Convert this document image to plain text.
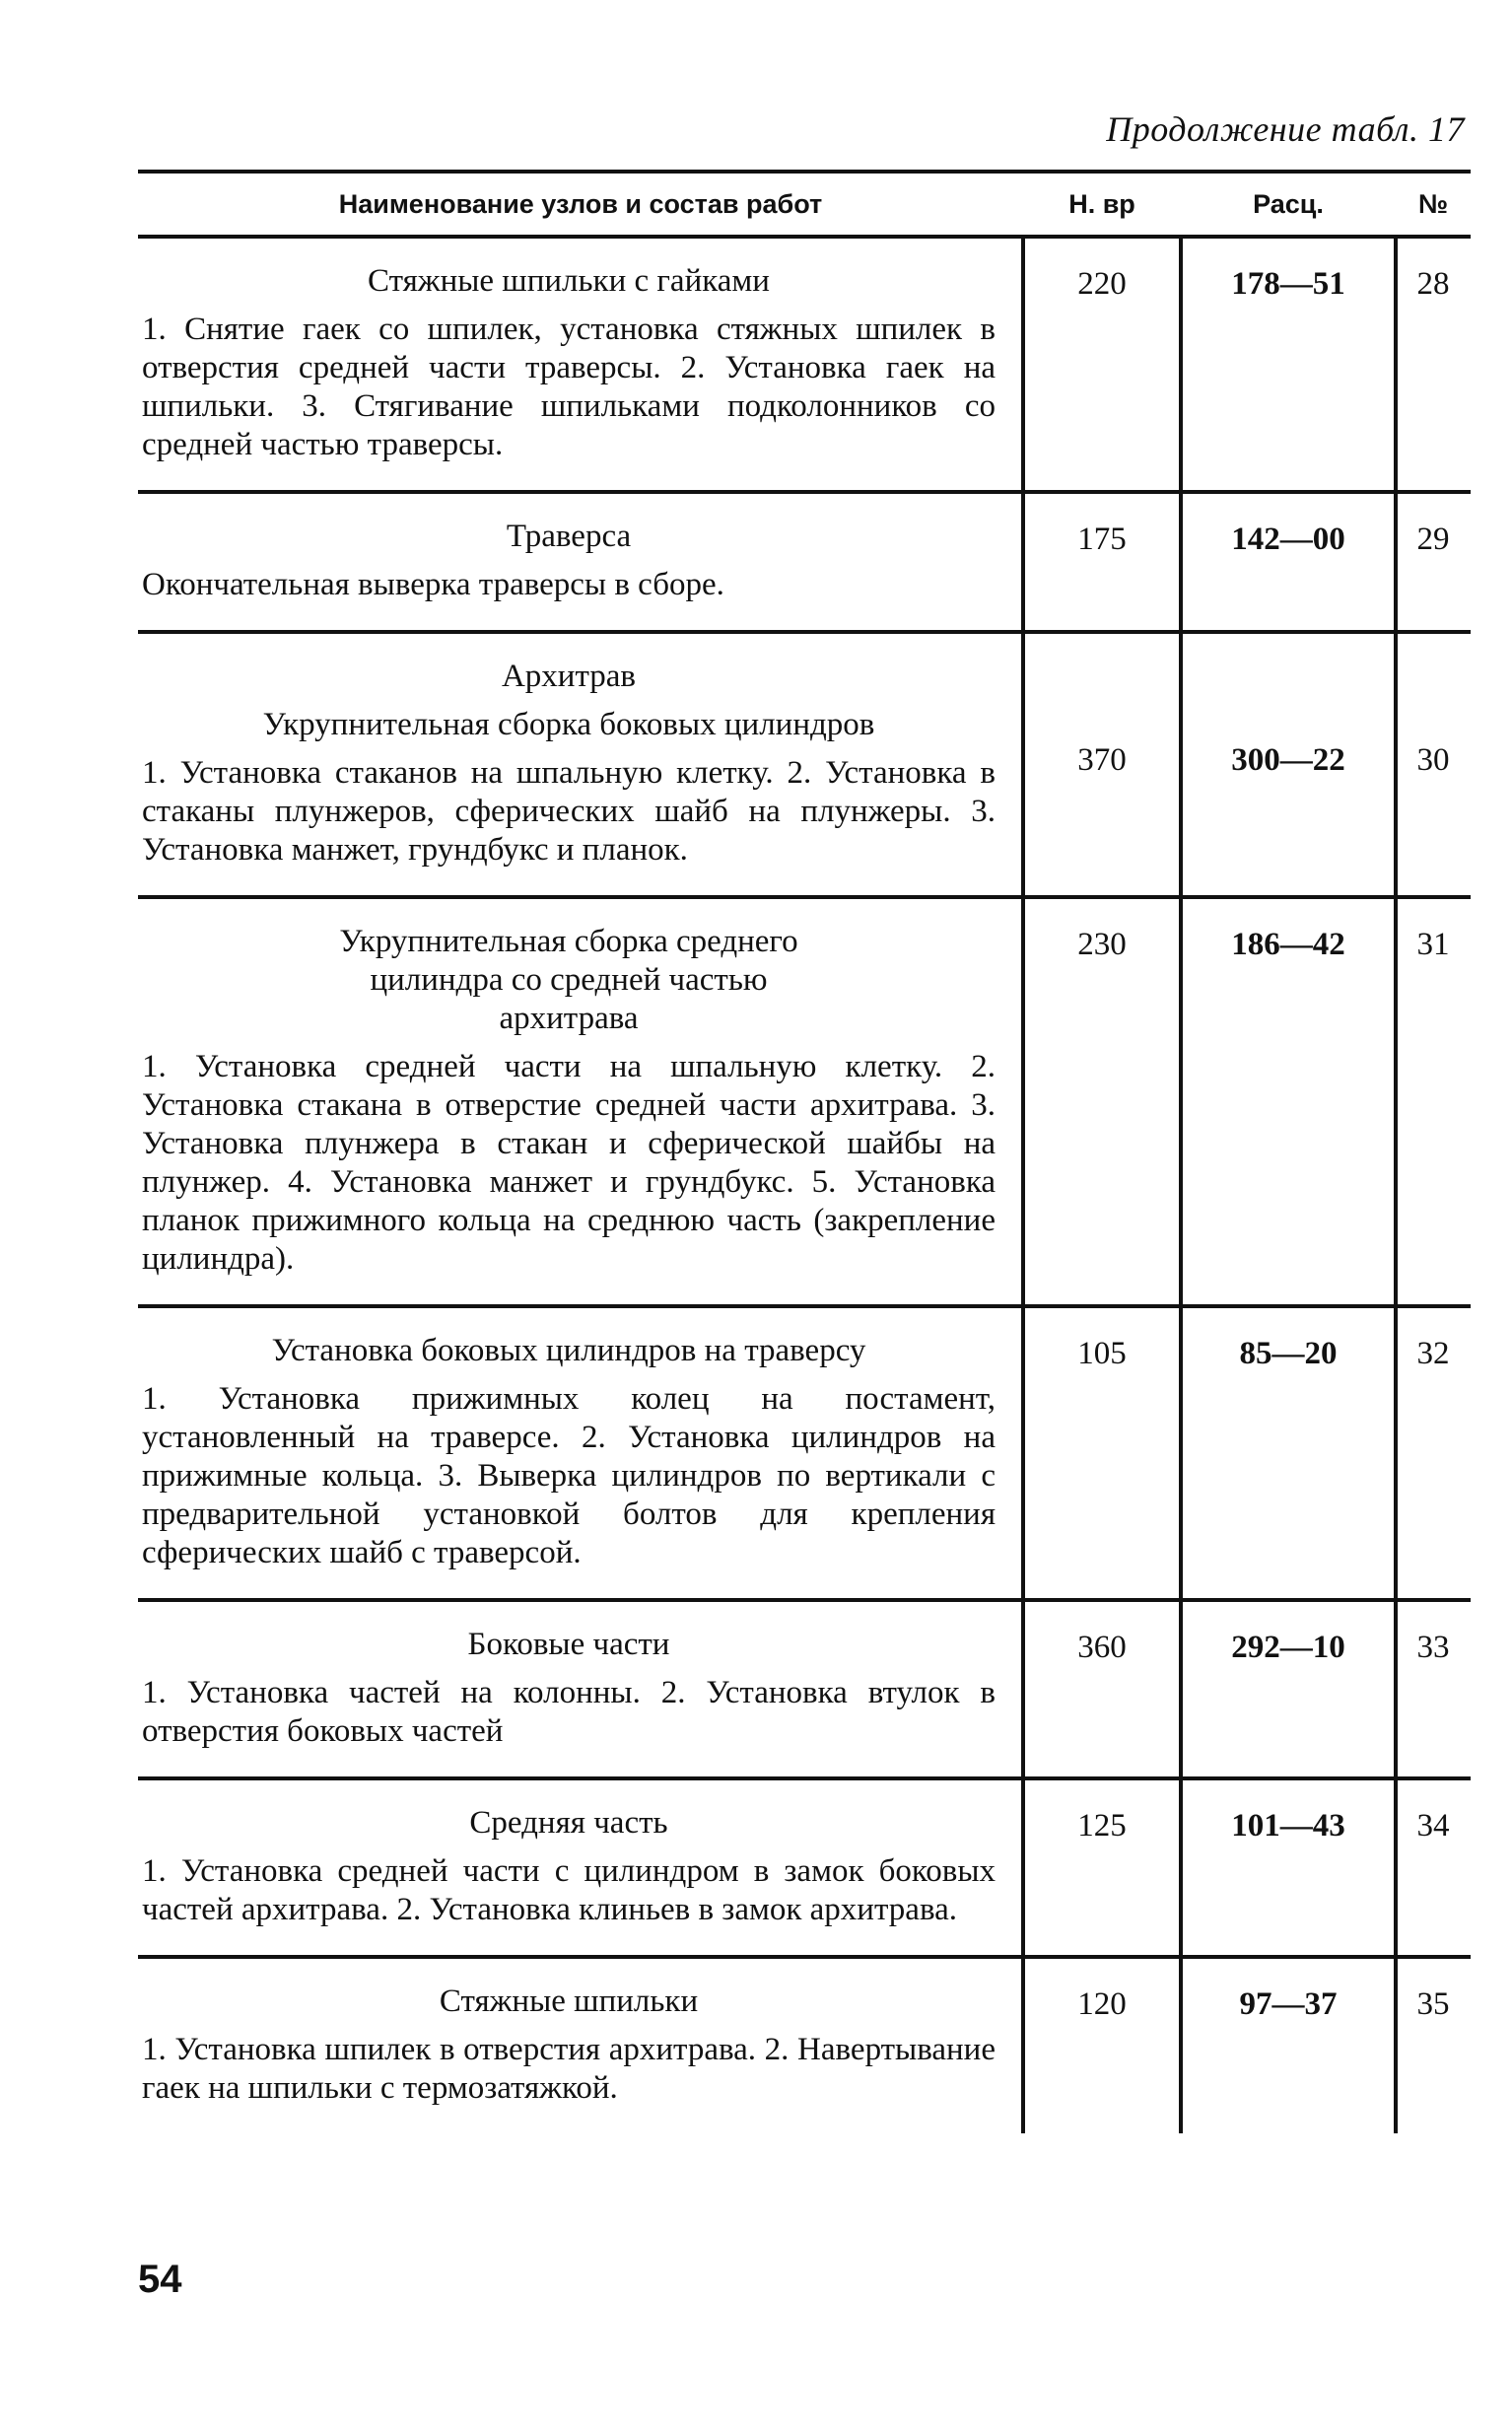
Продолжение табл. 17
Наименование узлов и состав работ	Н. вр	Расц.	№
Стяжные шпильки с гайками
1. Снятие гаек со шпилек, установка стяжных шпилек в отверстия средней части траверсы. 2. Установка гаек на шпильки. 3. Стягивание шпильками подколонников со средней частью траверсы.
220	178—51	28
Траверса
Окончательная выверка траверсы в сборе.
175	142—00	29
Архитрав
Укрупнительная сборка боковых цилиндров
1. Установка стаканов на шпальную клетку. 2. Установка в стаканы плунжеров, сферических шайб на плунжеры. 3. Установка манжет, грундбукс и планок.
370	300—22	30
Укрупнительная сборка среднего цилиндра со средней частью архитрава
1. Установка средней части на шпальную клетку. 2. Установка стакана в отверстие средней части архитрава. 3. Установка плунжера в стакан и сферической шайбы на плунжер. 4. Установка манжет и грундбукс. 5. Установка планок прижимного кольца на среднюю часть (закрепление цилиндра).
230	186—42	31
Установка боковых цилиндров на траверсу
1. Установка прижимных колец на постамент, установленный на траверсе. 2. Установка цилиндров на прижимные кольца. 3. Выверка цилиндров по вертикали с предварительной установкой болтов для крепления сферических шайб с траверсой.
105	85—20	32
Боковые части
1. Установка частей на колонны. 2. Установка втулок в отверстия боковых частей
360	292—10	33
Средняя часть
1. Установка средней части с цилиндром в замок боковых частей архитрава. 2. Установка клиньев в замок архитрава.
125	101—43	34
Стяжные шпильки
1. Установка шпилек в отверстия архитрава. 2. Навертывание гаек на шпильки с термозатяжкой.
120	97—37	35
54
